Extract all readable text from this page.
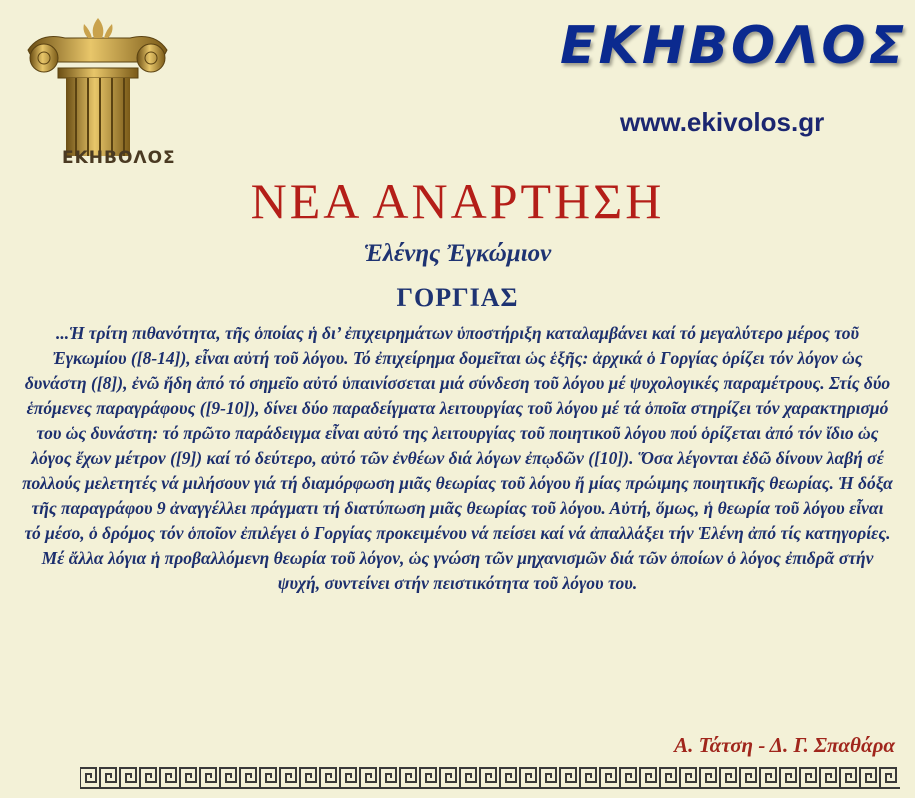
ΕΚΗΒΟΛΟΣ
ΕΚΗΒΟΛΟΣ
www.ekivolos.gr
ΝΕΑ ΑΝΑΡΤΗΣΗ
Ἑλένης Ἐγκώμιον
ΓΟΡΓΙΑΣ
...Ἡ τρίτη πιθανότητα, τῆς ὁποίας ἡ δι’ ἐπιχειρημάτων ὑποστήριξη καταλαμβάνει καί τό μεγαλύτερο μέρος τοῦ Ἐγκωμίου ([8-14]), εἶναι αὐτή τοῦ λόγου. Τό ἐπιχείρημα δομεῖται ὡς ἑξῆς: ἀρχικά ὁ Γοργίας ὁρίζει τόν λόγον ὡς δυνάστη ([8]), ἐνῶ ἤδη ἀπό τό σημεῖο αὐτό ὑπαινίσσεται μιά σύνδεση τοῦ λόγου μέ ψυχολογικές παραμέτρους. Στίς δύο ἑπόμενες παραγράφους ([9-10]), δίνει δύο παραδείγματα λειτουργίας τοῦ λόγου μέ τά ὁποῖα στηρίζει τόν χαρακτηρισμό του ὡς δυνάστη: τό πρῶτο παράδειγμα εἶναι αὐτό της λειτουργίας τοῦ ποιητικοῦ λόγου πού ὁρίζεται ἀπό τόν ἴδιο ὡς λόγος ἔχων μέτρον ([9]) καί τό δεύτερο, αὐτό τῶν ἐνθέων διά λόγων ἐπῳδῶν ([10]). Ὅσα λέγονται ἐδῶ δίνουν λαβή σέ πολλούς μελετητές νά μιλήσουν γιά τή διαμόρφωση μιᾶς θεωρίας τοῦ λόγου ἤ μίας πρώιμης ποιητικῆς θεωρίας. Ἡ δόξα τῆς παραγράφου 9 ἀναγγέλλει πράγματι τή διατύπωση μιᾶς θεωρίας τοῦ λόγου. Αὐτή, ὅμως, ἡ θεωρία τοῦ λόγου εἶναι τό μέσο, ὁ δρόμος τόν ὁποῖον ἐπιλέγει ὁ Γοργίας προκειμένου νά πείσει καί νά ἀπαλλάξει τήν Ἑλένη ἀπό τίς κατηγορίες. Μέ ἄλλα λόγια ἡ προβαλλόμενη θεωρία τοῦ λόγον, ὡς γνώση τῶν μηχανισμῶν διά τῶν ὁποίων ὁ λόγος ἐπιδρᾶ στήν ψυχή, συντείνει στήν πειστικότητα τοῦ λόγου του.
Α. Τάτση - Δ. Γ. Σπαθάρα
